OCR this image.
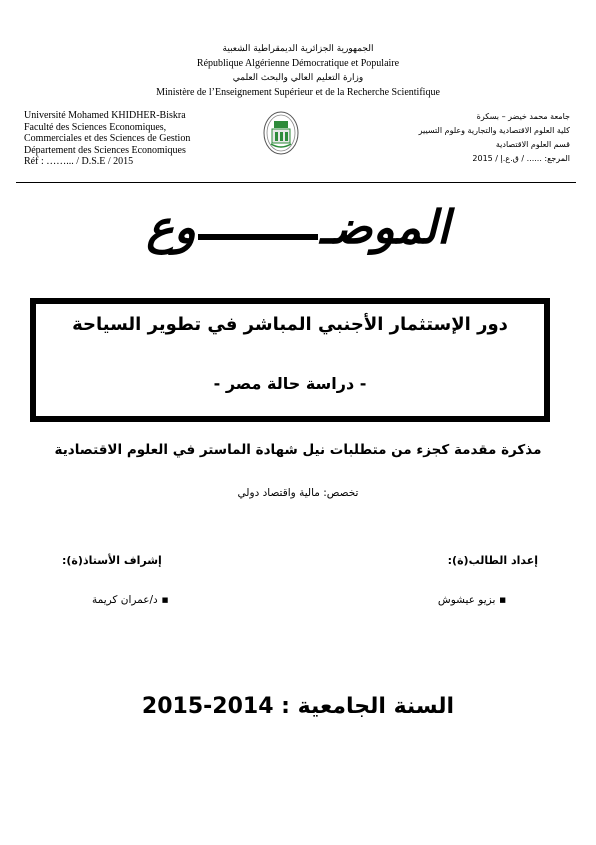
الجمهورية الجزائرية الديمقراطية الشعبية
République Algérienne Démocratique et Populaire
وزارة التعليم العالي والبحث العلمي
Ministère de l’Enseignement Supérieur et de la Recherche Scientifique
Université Mohamed KHIDHER-Biskra
Faculté des Sciences Economiques,
Commerciales et des Sciences de Gestion
Département des Sciences Economiques
Réf : ……... / D.S.E / 2015
جامعة محمد خيضر – بسكرة
كلية العلوم الاقتصادية والتجارية وعلوم التسيير
قسم العلوم الاقتصادية
المرجع: ...... / ق.ع.إ / 2015
الموضـوع
دور الإستثمار الأجنبي المباشر في تطوير السياحة
- دراسة حالة مصر -
مذكرة مقدمة كجزء من متطلبات نيل شهادة الماستر في العلوم الاقتصادية
تخصص: مالية واقتصاد دولي
إعداد الطالب(ة):
إشراف الأستاذ(ة):
■بزيو عيشوش
■د/عمران كريمة
السنة الجامعية : 2015-2014
